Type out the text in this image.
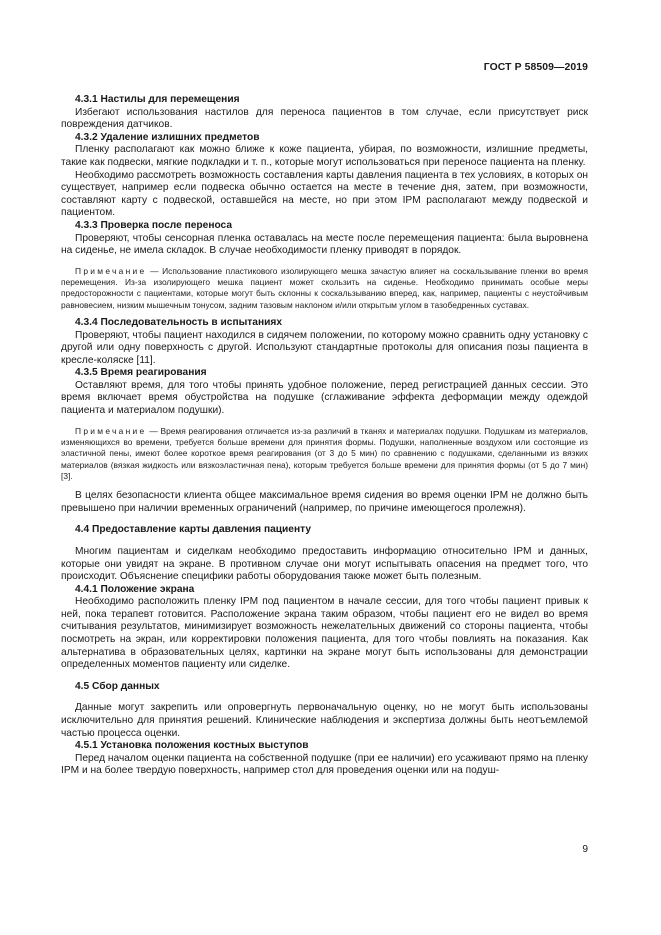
ГОСТ Р 58509—2019

4.3.1 Настилы для перемещения

Избегают использования настилов для переноса пациентов в том случае, если присутствует риск повреждения датчиков.

4.3.2 Удаление излишних предметов

Пленку располагают как можно ближе к коже пациента, убирая, по возможности, излишние предметы, такие как подвески, мягкие подкладки и т. п., которые могут использоваться при переносе пациента на пленку.

Необходимо рассмотреть возможность составления карты давления пациента в тех условиях, в которых он существует, например если подвеска обычно остается на месте в течение дня, затем, при возможности, составляют карту с подвеской, оставшейся на месте, но при этом IPM располагают между подвеской и пациентом.

4.3.3 Проверка после переноса

Проверяют, чтобы сенсорная пленка оставалась на месте после перемещения пациента: была выровнена на сиденье, не имела складок. В случае необходимости пленку приводят в порядок.

Примечание — Использование пластикового изолирующего мешка зачастую влияет на соскальзывание пленки во время перемещения. Из-за изолирующего мешка пациент может скользить на сиденье. Необходимо принимать особые меры предосторожности с пациентами, которые могут быть склонны к соскальзыванию вперед, как, например, пациенты с неустойчивым равновесием, низким мышечным тонусом, задним тазовым наклоном и/или открытым углом в тазобедренных суставах.

4.3.4 Последовательность в испытаниях

Проверяют, чтобы пациент находился в сидячем положении, по которому можно сравнить одну установку с другой или одну поверхность с другой. Используют стандартные протоколы для описания позы пациента в кресле-коляске [11].

4.3.5 Время реагирования

Оставляют время, для того чтобы принять удобное положение, перед регистрацией данных сессии. Это время включает время обустройства на подушке (сглаживание эффекта деформации между одеждой пациента и материалом подушки).

Примечание — Время реагирования отличается из-за различий в тканях и материалах подушки. Подушкам из материалов, изменяющихся во времени, требуется больше времени для принятия формы. Подушки, наполненные воздухом или состоящие из эластичной пены, имеют более короткое время реагирования (от 3 до 5 мин) по сравнению с подушками, сделанными из вязких материалов (вязкая жидкость или вязкоэластичная пена), которым требуется больше времени для принятия формы (от 5 до 7 мин) [3].

В целях безопасности клиента общее максимальное время сидения во время оценки IPM не должно быть превышено при наличии временных ограничений (например, по причине имеющегося пролежня).

4.4 Предоставление карты давления пациенту

Многим пациентам и сиделкам необходимо предоставить информацию относительно IPM и данных, которые они увидят на экране. В противном случае они могут испытывать опасения на предмет того, что происходит. Объяснение специфики работы оборудования также может быть полезным.

4.4.1 Положение экрана

Необходимо расположить пленку IPM под пациентом в начале сессии, для того чтобы пациент привык к ней, пока терапевт готовится. Расположение экрана таким образом, чтобы пациент его не видел во время считывания результатов, минимизирует возможность нежелательных движений со стороны пациента, чтобы посмотреть на экран, или корректировки положения пациента, для того чтобы повлиять на показания. Как альтернатива в образовательных целях, картинки на экране могут быть использованы для демонстрации определенных моментов пациенту или сиделке.

4.5 Сбор данных

Данные могут закрепить или опровергнуть первоначальную оценку, но не могут быть использованы исключительно для принятия решений. Клинические наблюдения и экспертиза должны быть неотъемлемой частью процесса оценки.

4.5.1 Установка положения костных выступов

Перед началом оценки пациента на собственной подушке (при ее наличии) его усаживают прямо на пленку IPM и на более твердую поверхность, например стол для проведения оценки или на подуш-

9
